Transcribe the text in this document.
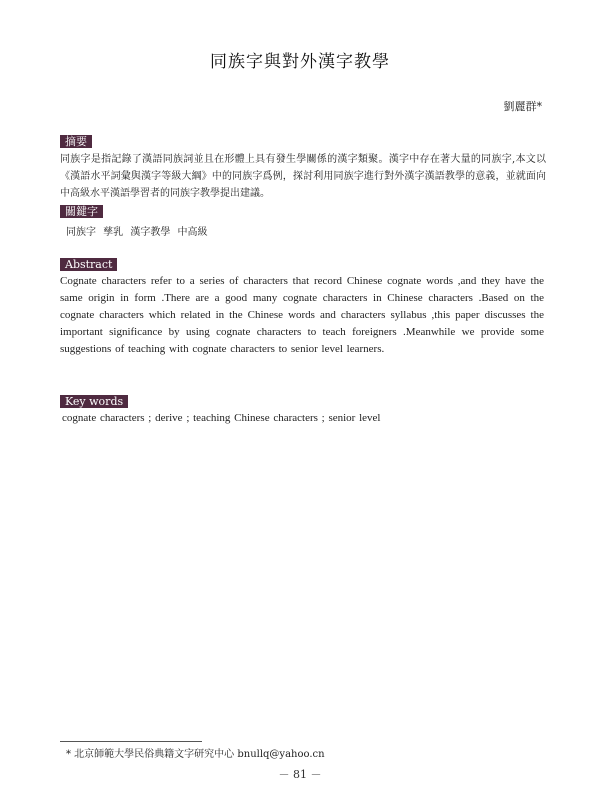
同族字與對外漢字教學
劉麗群*
摘要
同族字是指記錄了漢語同族詞並且在形體上具有發生學關係的漢字類聚。漢字中存在著大量的同族字,本文以《漢語水平詞彙與漢字等級大綱》中的同族字爲例，探討利用同族字進行對外漢字漢語教學的意義，並就面向中高級水平漢語學習者的同族字教學提出建議。
關鍵字
同族字 孳乳 漢字教學 中高級
Abstract
Cognate characters refer to a series of characters that record Chinese cognate words ,and they have the same origin in form .There are a good many cognate characters in Chinese characters .Based on the cognate characters which related in the Chinese words and characters syllabus ,this paper discusses the important significance by using cognate characters to teach foreigners .Meanwhile we provide some suggestions of teaching with cognate characters to senior level learners.
Key words
cognate characters ; derive ; teaching Chinese characters ; senior level
* 北京師範大學民俗典籍文字研究中心 bnullq@yahoo.cn
－ 81 －
